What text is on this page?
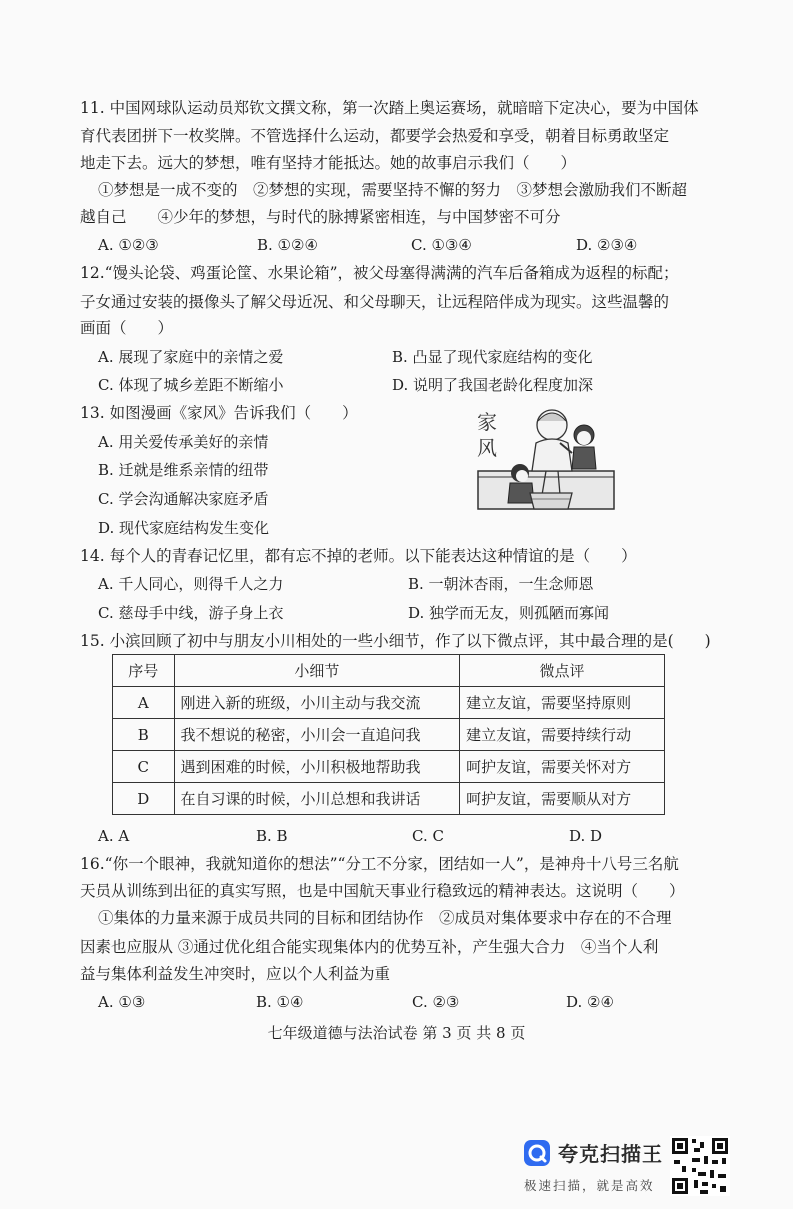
11. 中国网球队运动员郑钦文撰文称，第一次踏上奥运赛场，就暗暗下定决心，要为中国体
育代表团拼下一枚奖牌。不管选择什么运动，都要学会热爱和享受，朝着目标勇敢坚定
地走下去。远大的梦想，唯有坚持才能抵达。她的故事启示我们（　　）
①梦想是一成不变的　②梦想的实现，需要坚持不懈的努力　③梦想会激励我们不断超
越自己　　④少年的梦想，与时代的脉搏紧密相连，与中国梦密不可分
A. ①②③	B. ①②④	C. ①③④	D. ②③④
12.“馒头论袋、鸡蛋论筐、水果论箱”，被父母塞得满满的汽车后备箱成为返程的标配；
子女通过安装的摄像头了解父母近况、和父母聊天，让远程陪伴成为现实。这些温馨的
画面（　　）
A. 展现了家庭中的亲情之爱	B. 凸显了现代家庭结构的变化
C. 体现了城乡差距不断缩小	D. 说明了我国老龄化程度加深
13. 如图漫画《家风》告诉我们（　　）
A. 用关爱传承美好的亲情
B. 迁就是维系亲情的纽带
C. 学会沟通解决家庭矛盾
D. 现代家庭结构发生变化
家风
14. 每个人的青春记忆里，都有忘不掉的老师。以下能表达这种情谊的是（　　）
A. 千人同心，则得千人之力	B. 一朝沐杏雨，一生念师恩
C. 慈母手中线，游子身上衣	D. 独学而无友，则孤陋而寡闻
15. 小滨回顾了初中与朋友小川相处的一些小细节，作了以下微点评，其中最合理的是(　　)
序号	小细节	微点评
A	刚进入新的班级，小川主动与我交流	建立友谊，需要坚持原则
B	我不想说的秘密，小川会一直追问我	建立友谊，需要持续行动
C	遇到困难的时候，小川积极地帮助我	呵护友谊，需要关怀对方
D	在自习课的时候，小川总想和我讲话	呵护友谊，需要顺从对方
A. A	B. B	C. C	D. D
16.“你一个眼神，我就知道你的想法”“分工不分家，团结如一人”，是神舟十八号三名航
天员从训练到出征的真实写照，也是中国航天事业行稳致远的精神表达。这说明（　　）
①集体的力量来源于成员共同的目标和团结协作　②成员对集体要求中存在的不合理
因素也应服从 ③通过优化组合能实现集体内的优势互补，产生强大合力　④当个人利
益与集体利益发生冲突时，应以个人利益为重
A. ①③	B. ①④	C. ②③	D. ②④
七年级道德与法治试卷 第 3 页 共 8 页
夸克扫描王
极速扫描，就是高效
